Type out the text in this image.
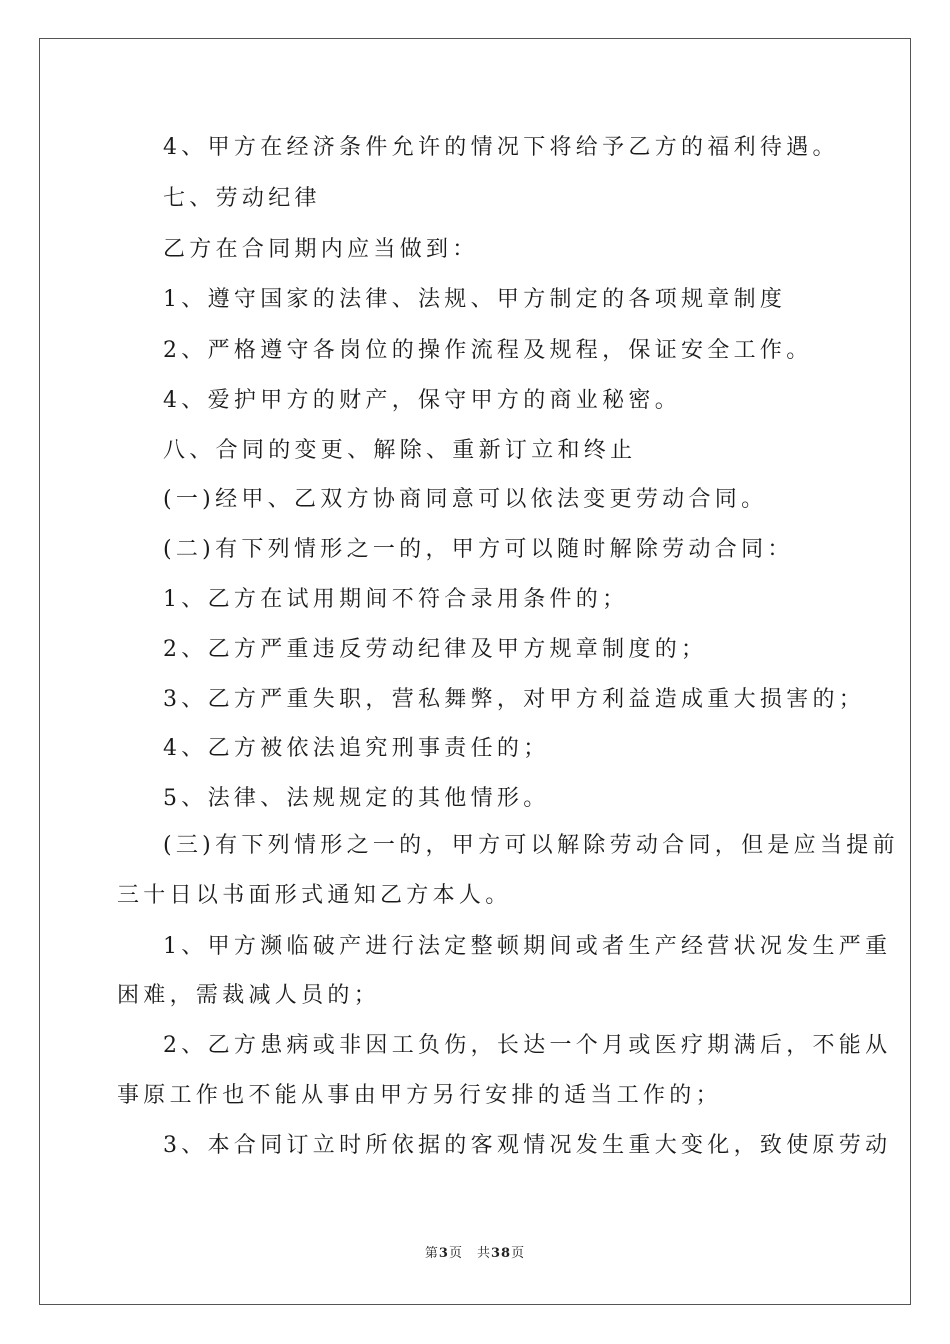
4、甲方在经济条件允许的情况下将给予乙方的福利待遇。
七、劳动纪律
乙方在合同期内应当做到：
1、遵守国家的法律、法规、甲方制定的各项规章制度
2、严格遵守各岗位的操作流程及规程，保证安全工作。
4、爱护甲方的财产，保守甲方的商业秘密。
八、合同的变更、解除、重新订立和终止
(一)经甲、乙双方协商同意可以依法变更劳动合同。
(二)有下列情形之一的，甲方可以随时解除劳动合同：
1、乙方在试用期间不符合录用条件的；
2、乙方严重违反劳动纪律及甲方规章制度的；
3、乙方严重失职，营私舞弊，对甲方利益造成重大损害的；
4、乙方被依法追究刑事责任的；
5、法律、法规规定的其他情形。
(三)有下列情形之一的，甲方可以解除劳动合同，但是应当提前
三十日以书面形式通知乙方本人。
1、甲方濒临破产进行法定整顿期间或者生产经营状况发生严重
困难，需裁减人员的；
2、乙方患病或非因工负伤，长达一个月或医疗期满后，不能从
事原工作也不能从事由甲方另行安排的适当工作的；
3、本合同订立时所依据的客观情况发生重大变化，致使原劳动
第3页　共38页
